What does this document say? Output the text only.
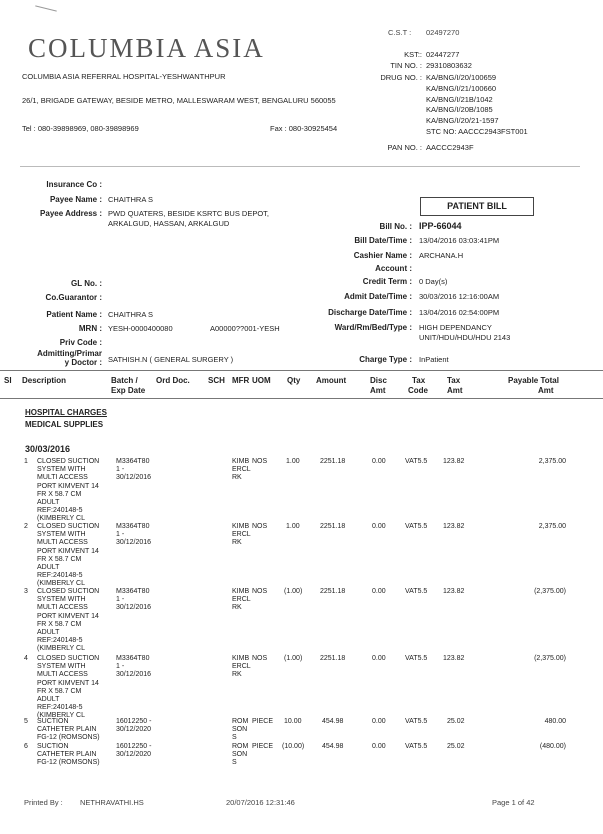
C.S.T : 02497270
COLUMBIA ASIA
COLUMBIA ASIA REFERRAL HOSPITAL-YESHWANTHPUR
26/1, BRIGADE GATEWAY, BESIDE METRO, MALLESWARAM WEST, BENGALURU 560055
Tel : 080-39898969, 080-39898969	Fax : 080-30925454
KST:: 02447277
TIN NO. : 29310803632
DRUG NO. : KA/BNG/I/20/100659
KA/BNG/I/21/100660
KA/BNG/I/21B/1042
KA/BNG/I/20B/1085
KA/BNG/I/20/21-1597
STC NO: AACCC2943FST001
PAN NO. : AACCC2943F
Insurance Co :
Payee Name : CHAITHRA S
Payee Address : PWD QUATERS, BESIDE KSRTC BUS DEPOT,
ARKALGUD, HASSAN, ARKALGUD
GL No. :
Co.Guarantor :
Patient Name : CHAITHRA S
MRN : YESH-0000400080	A00000??001-YESH
Priv Code :
Admitting/Primar
y Doctor : SATHISH.N ( GENERAL SURGERY )
PATIENT BILL
Bill No. : IPP-66044
Bill Date/Time : 13/04/2016 03:03:41PM
Cashier Name : ARCHANA.H
Account :
Credit Term : 0 Day(s)
Admit Date/Time : 30/03/2016 12:16:00AM
Discharge Date/Time : 13/04/2016 02:54:00PM
Ward/Rm/Bed/Type : HIGH DEPENDANCY
UNIT/HDU/HDU/HDU 2143
Charge Type : InPatient
SI Description	Batch /
Exp Date
Ord Doc. SCH MFR UOM Qty Amount	Disc
Amt
Tax
Code
Tax
Amt
Payable Total
Amt
HOSPITAL CHARGES
MEDICAL SUPPLIES
30/03/2016
1 CLOSED SUCTION
SYSTEM WITH
MULTI ACCESS
PORT KIMVENT 14
FR X 58.7 CM
ADULT
REF:240148-5
(KIMBERLY CL
M3364T80
1 -
30/12/2016
KIMB
ERCL
RK
NOS	1.00	2251.18	0.00	VAT5.5 123.82	2,375.00
2 CLOSED SUCTION
SYSTEM WITH
MULTI ACCESS
PORT KIMVENT 14
FR X 58.7 CM
ADULT
REF:240148-5
(KIMBERLY CL
M3364T80
1 -
30/12/2016
KIMB
ERCL
RK
NOS	1.00	2251.18	0.00	VAT5.5 123.82	2,375.00
3 CLOSED SUCTION
SYSTEM WITH
MULTI ACCESS
PORT KIMVENT 14
FR X 58.7 CM
ADULT
REF:240148-5
(KIMBERLY CL
M3364T80
1 -
30/12/2016
KIMB
ERCL
RK
NOS (1.00)	2251.18	0.00	VAT5.5 123.82	(2,375.00)
4 CLOSED SUCTION
SYSTEM WITH
MULTI ACCESS
PORT KIMVENT 14
FR X 58.7 CM
ADULT
REF:240148-5
(KIMBERLY CL
M3364T80
1 -
30/12/2016
KIMB
ERCL
RK
NOS (1.00)	2251.18	0.00	VAT5.5 123.82	(2,375.00)
5 SUCTION
CATHETER PLAIN
FG-12 (ROMSONS)
16012250 -
30/12/2020
ROM
SON
S
PIECE 10.00	454.98	0.00	VAT5.5	25.02	480.00
6 SUCTION
CATHETER PLAIN
FG-12 (ROMSONS)
16012250 -
30/12/2020
ROM
SON
S
PIECE (10.00)	454.98	0.00	VAT5.5	25.02	(480.00)
Printed By : NETHRAVATHI.HS	20/07/2016 12:31:46	Page 1 of 42
